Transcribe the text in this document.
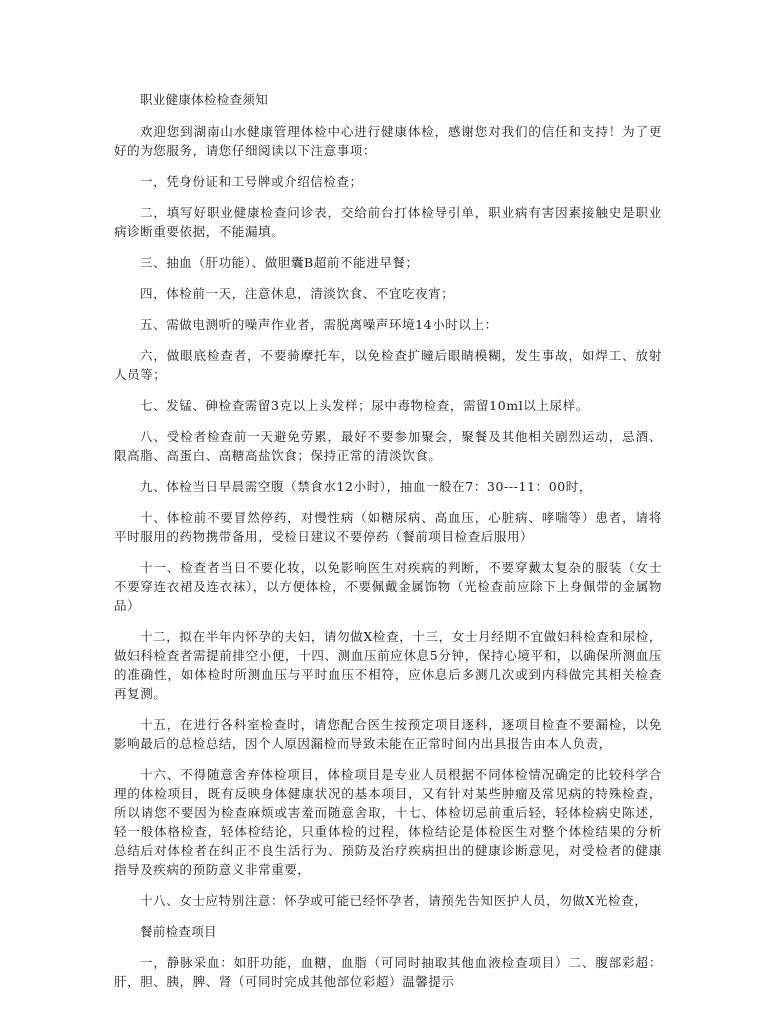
职业健康体检检查须知
欢迎您到湖南山水健康管理体检中心进行健康体检，感谢您对我们的信任和支持！为了更好的为您服务，请您仔细阅读以下注意事项：
一，凭身份证和工号牌或介绍信检查；
二，填写好职业健康检查问诊表，交给前台打体检导引单，职业病有害因素接触史是职业病诊断重要依据，不能漏填。
三、抽血（肝功能）、做胆囊B超前不能进早餐；
四，体检前一天，注意休息，清淡饮食、不宜吃夜宵；
五、需做电测听的噪声作业者，需脱离噪声环境14小时以上：
六，做眼底检查者，不要骑摩托车，以免检查扩瞳后眼睛模糊，发生事故，如焊工、放射人员等；
七、发锰、砷检查需留3克以上头发样；尿中毒物检查，需留10ml以上尿样。
八、受检者检查前一天避免劳累，最好不要参加聚会，聚餐及其他相关剧烈运动，忌酒、限高脂、高蛋白、高糖高盐饮食；保持正常的清淡饮食。
九、体检当日早晨需空腹（禁食水12小时），抽血一般在7：30---11：00时，
十、体检前不要冒然停药，对慢性病（如糖尿病、高血压，心脏病、哮喘等）患者，请将平时服用的药物携带备用，受检日建议不要停药（餐前项目检查后服用）
十一、检查者当日不要化妆，以免影响医生对疾病的判断，不要穿戴太复杂的服装（女士不要穿连衣裙及连衣袜），以方便体检，不要佩戴金属饰物（光检查前应除下上身佩带的金属物品）
十二，拟在半年内怀孕的夫妇，请勿做X检查，十三，女士月经期不宜做妇科检查和尿检，做妇科检查者需提前排空小便，十四、测血压前应休息5分钟，保持心境平和，以确保所测血压的准确性，如体检时所测血压与平时血压不相符，应休息后多测几次或到内科做完其相关检查再复测。
十五，在进行各科室检查时，请您配合医生按预定项目逐科，逐项目检查不要漏检，以免影响最后的总检总结，因个人原因漏检而导致未能在正常时间内出具报告由本人负责，
十六、不得随意舍弃体检项目，体检项目是专业人员根据不同体检情况确定的比较科学合理的体检项目，既有反映身体健康状况的基本项目，又有针对某些肿瘤及常见病的特殊检查，所以请您不要因为检查麻烦或害羞而随意舍取，十七、体检切忌前重后轻，轻体检病史陈述，轻一般体格检查，轻体检结论，只重体检的过程，体检结论是体检医生对整个体检结果的分析总结后对体检者在纠正不良生活行为、预防及治疗疾病担出的健康诊断意见，对受检者的健康指导及疾病的预防意义非常重要，
十八、女士应特别注意：怀孕或可能已经怀孕者，请预先告知医护人员，勿做X光检查，
餐前检查项目
一，静脉采血：如肝功能，血糖，血脂（可同时抽取其他血液检查项目）二、腹部彩超：肝，胆、胰，脾、肾（可同时完成其他部位彩超）温馨提示
